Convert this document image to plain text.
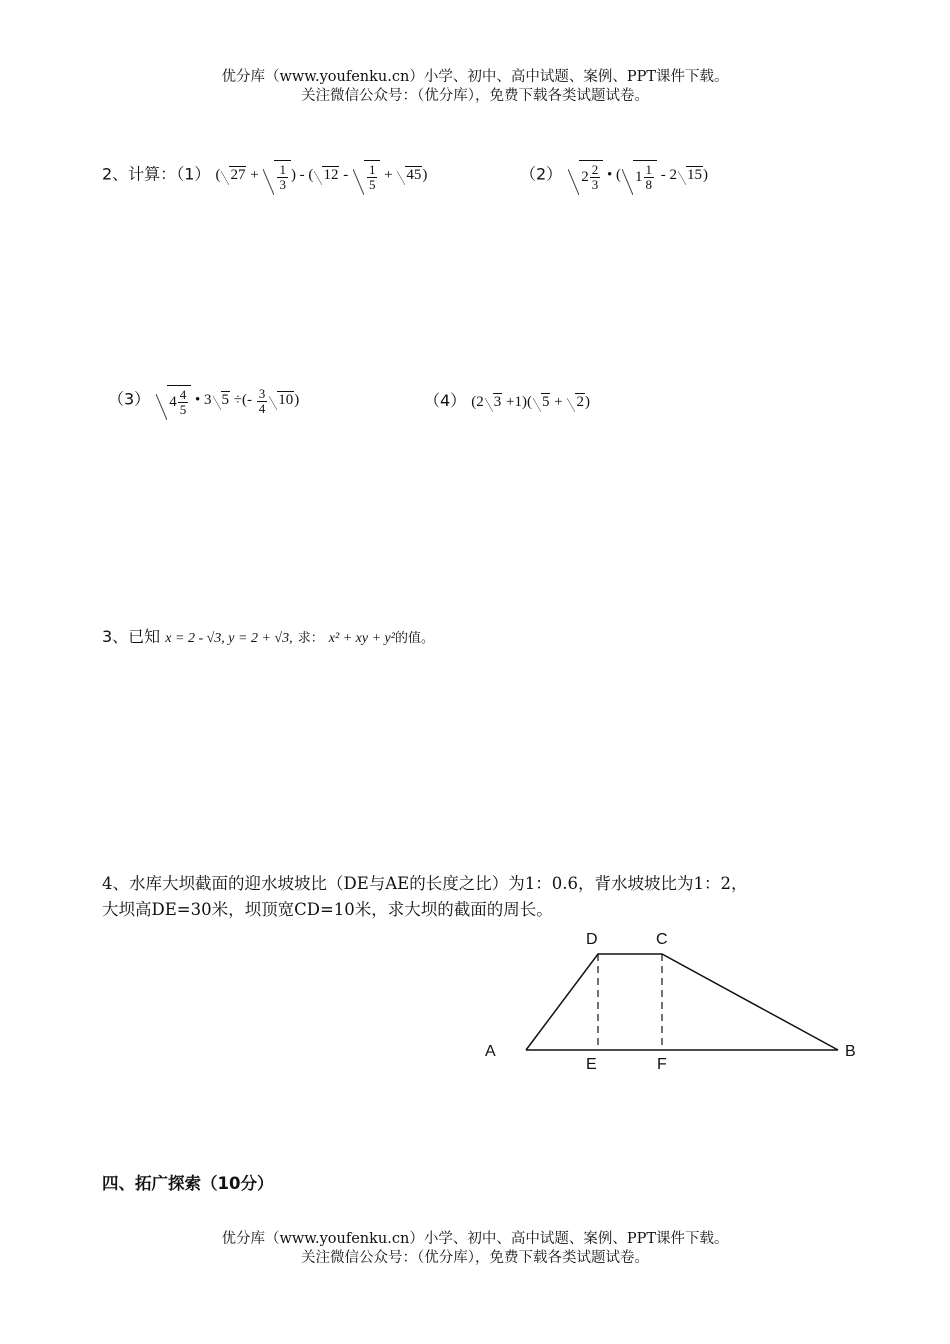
优分库（www.youfenku.cn）小学、初中、高中试题、案例、PPT课件下载。
关注微信公众号：（优分库），免费下载各类试题试卷。
2、计算：（1） ( $27 + \frac{1}{3}$ ) - ( $12 - \frac{1}{5} + 45$)	（2） $2 \frac{2}{3}$ • ( $1 \frac{1}{8} - 2$ 15)
（3） $4 \frac{4}{5}$ • 3 5 ÷(- $\frac{3}{4} 10$)	（4） (2 3 +1)( 5 + 2)
3、已知 x = 2 - √3, y = 2 + √3, 求： x² + xy + y²的值。
4、水库大坝截面的迎水坡坡比（DE与AE的长度之比）为1：0.6，背水坡坡比为1：2，
大坝高DE=30米，坝顶宽CD=10米，求大坝的截面的周长。
D	C
A	B
E	F
四、拓广探索（10分）
优分库（www.youfenku.cn）小学、初中、高中试题、案例、PPT课件下载。
关注微信公众号：（优分库），免费下载各类试题试卷。
